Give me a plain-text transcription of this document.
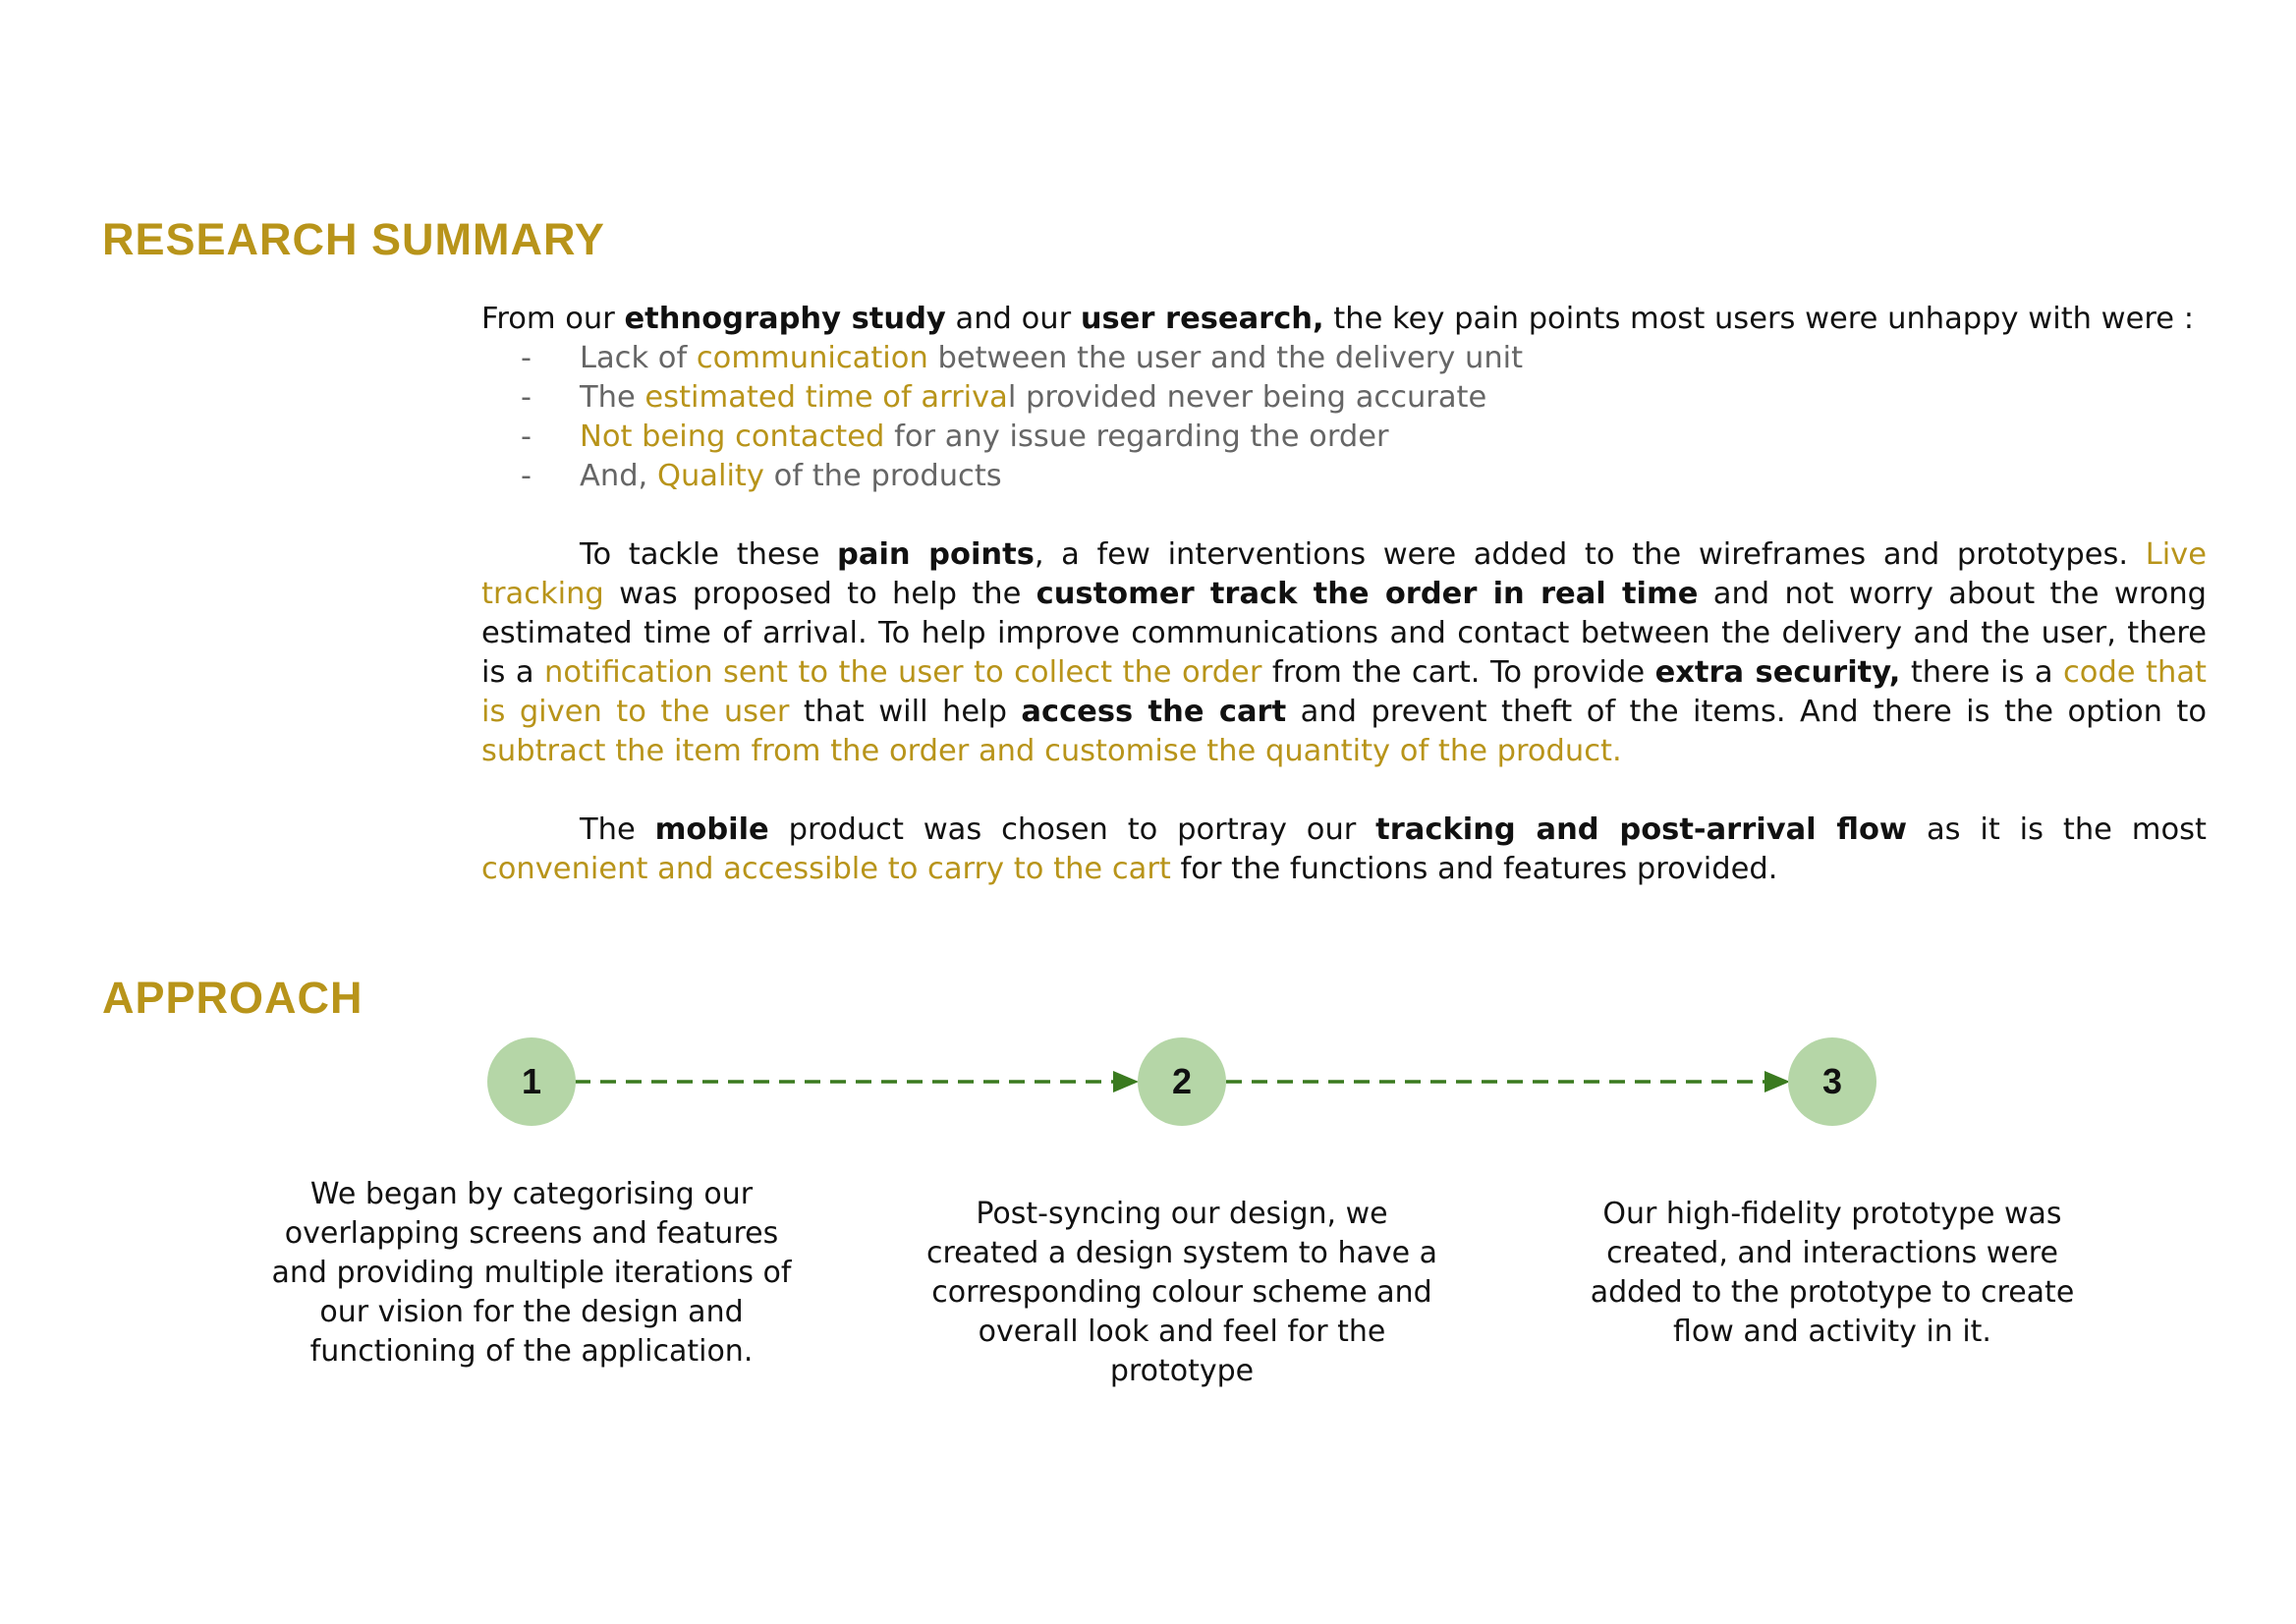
RESEARCH SUMMARY
From our ethnography study and our user research, the key pain points most users were unhappy with were :
- Lack of communication between the user and the delivery unit
- The estimated time of arrival provided never being accurate
- Not being contacted for any issue regarding the order
- And, Quality of the products

To tackle these pain points, a few interventions were added to the wireframes and prototypes. Live tracking was proposed to help the customer track the order in real time and not worry about the wrong estimated time of arrival. To help improve communications and contact between the delivery and the user, there is a notification sent to the user to collect the order from the cart. To provide extra security, there is a code that is given to the user that will help access the cart and prevent theft of the items. And there is the option to subtract the item from the order and customise the quantity of the product.

The mobile product was chosen to portray our tracking and post-arrival flow as it is the most convenient and accessible to carry to the cart for the functions and features provided.

APPROACH
1	2	3
We began by categorising our overlapping screens and features and providing multiple iterations of our vision for the design and functioning of the application.
Post-syncing our design, we created a design system to have a corresponding colour scheme and overall look and feel for the prototype
Our high-fidelity prototype was created, and interactions were added to the prototype to create flow and activity in it.
